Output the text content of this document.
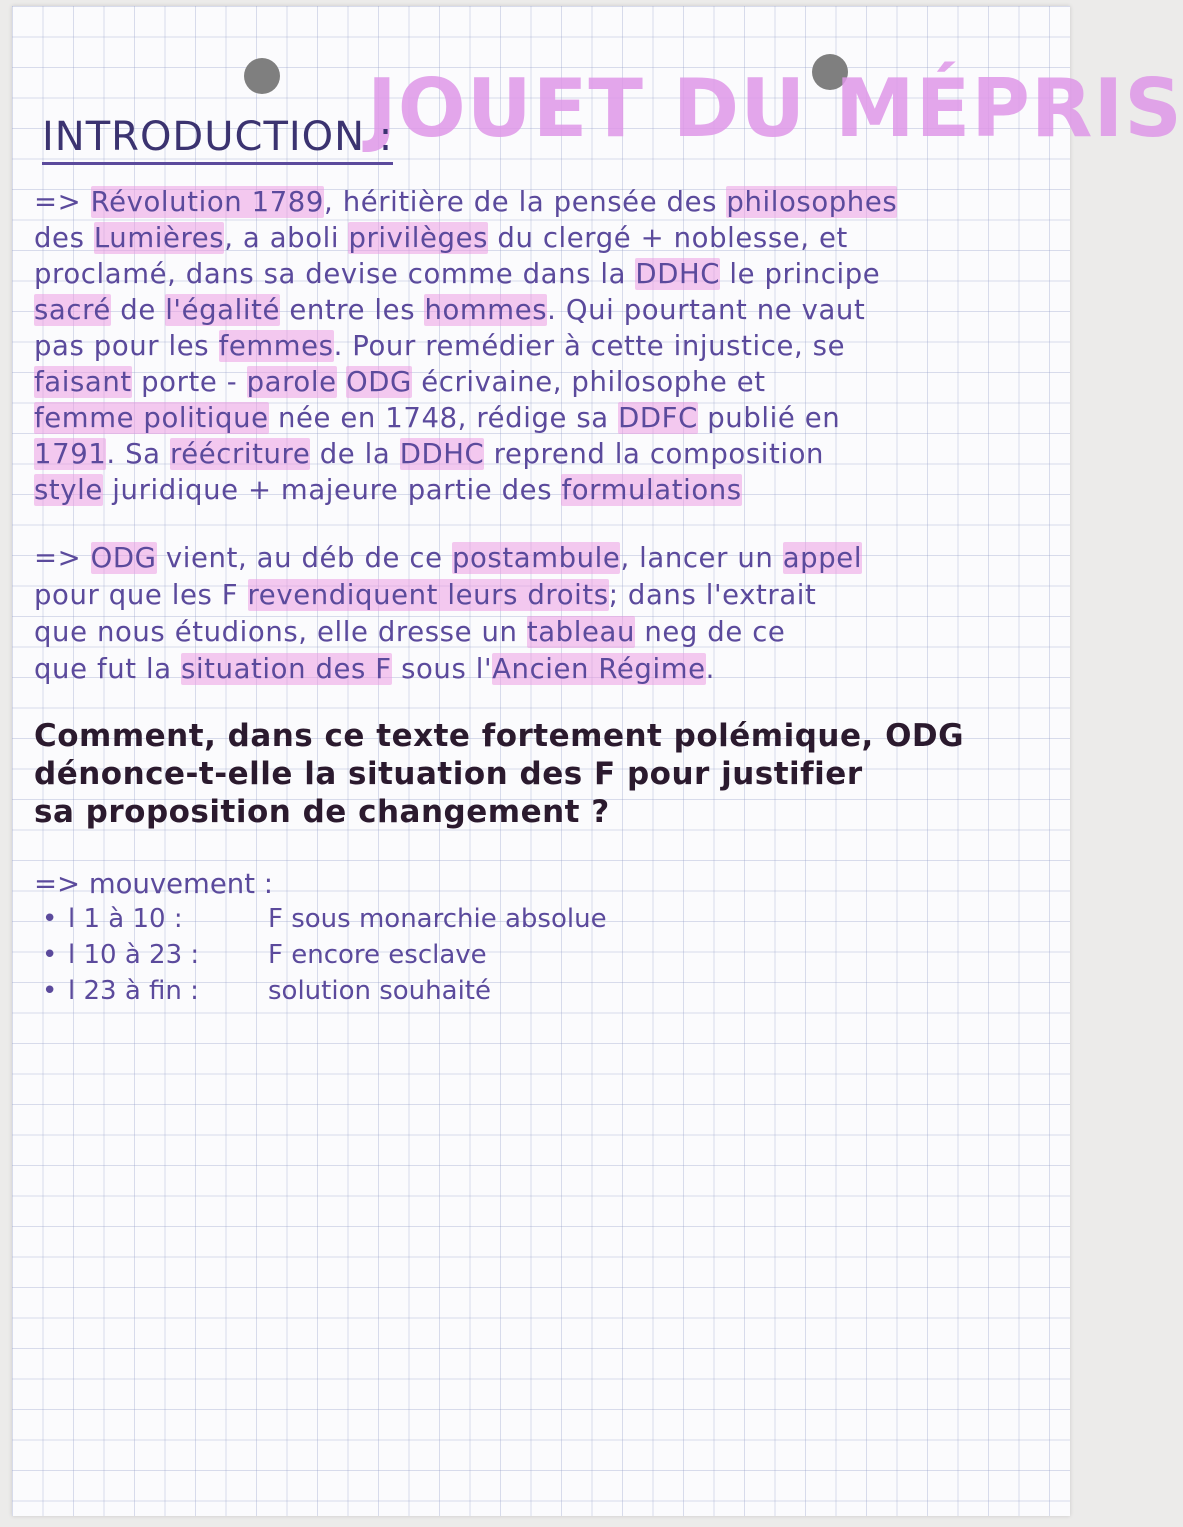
JOUET DU MÉPRIS
INTRODUCTION :
=> Révolution 1789, héritière de la pensée des philosophes
des Lumières, a aboli privilèges du clergé + noblesse, et
proclamé, dans sa devise comme dans la DDHC le principe
sacré de l'égalité entre les hommes. Qui pourtant ne vaut
pas pour les femmes. Pour remédier à cette injustice, se
faisant porte - parole ODG écrivaine, philosophe et
femme politique née en 1748, rédige sa DDFC publié en
1791. Sa réécriture de la DDHC reprend la composition
style juridique + majeure partie des formulations
=> ODG vient, au déb de ce postambule, lancer un appel
pour que les F revendiquent leurs droits; dans l'extrait
que nous étudions, elle dresse un tableau neg de ce
que fut la situation des F sous l'Ancien Régime.
Comment, dans ce texte fortement polémique, ODG
dénonce-t-elle la situation des F pour justifier
sa proposition de changement ?
=> mouvement :
• l 1 à 10 :	F sous monarchie absolue
• l 10 à 23 :	F encore esclave
• l 23 à fin :	solution souhaité
